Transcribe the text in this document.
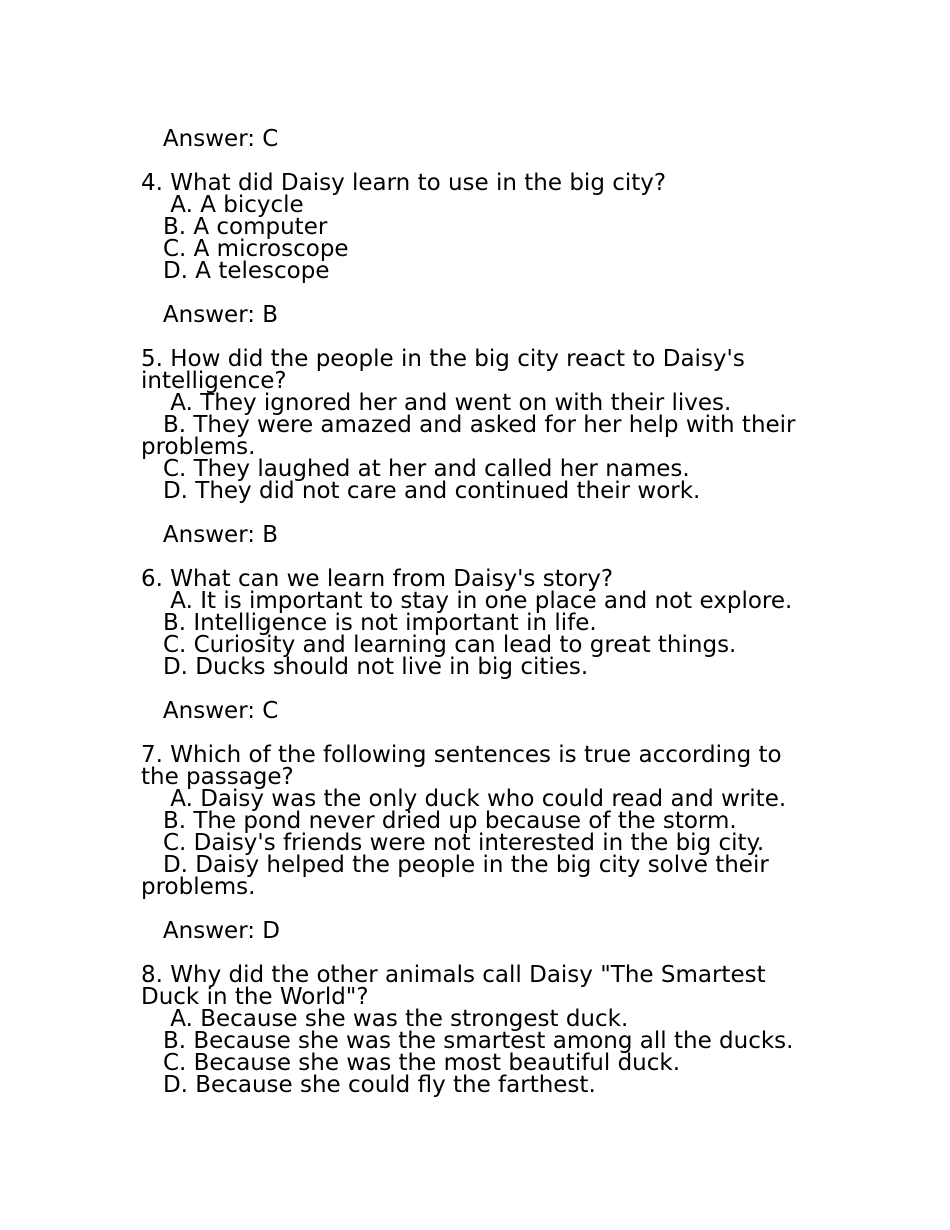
Answer: C
4. What did Daisy learn to use in the big city?
A. A bicycle
B. A computer
C. A microscope
D. A telescope
Answer: B
5. How did the people in the big city react to Daisy's intelligence?
A. They ignored her and went on with their lives.
B. They were amazed and asked for her help with their problems.
C. They laughed at her and called her names.
D. They did not care and continued their work.
Answer: B
6. What can we learn from Daisy's story?
A. It is important to stay in one place and not explore.
B. Intelligence is not important in life.
C. Curiosity and learning can lead to great things.
D. Ducks should not live in big cities.
Answer: C
7. Which of the following sentences is true according to the passage?
A. Daisy was the only duck who could read and write.
B. The pond never dried up because of the storm.
C. Daisy's friends were not interested in the big city.
D. Daisy helped the people in the big city solve their problems.
Answer: D
8. Why did the other animals call Daisy "The Smartest Duck in the World"?
A. Because she was the strongest duck.
B. Because she was the smartest among all the ducks.
C. Because she was the most beautiful duck.
D. Because she could fly the farthest.
